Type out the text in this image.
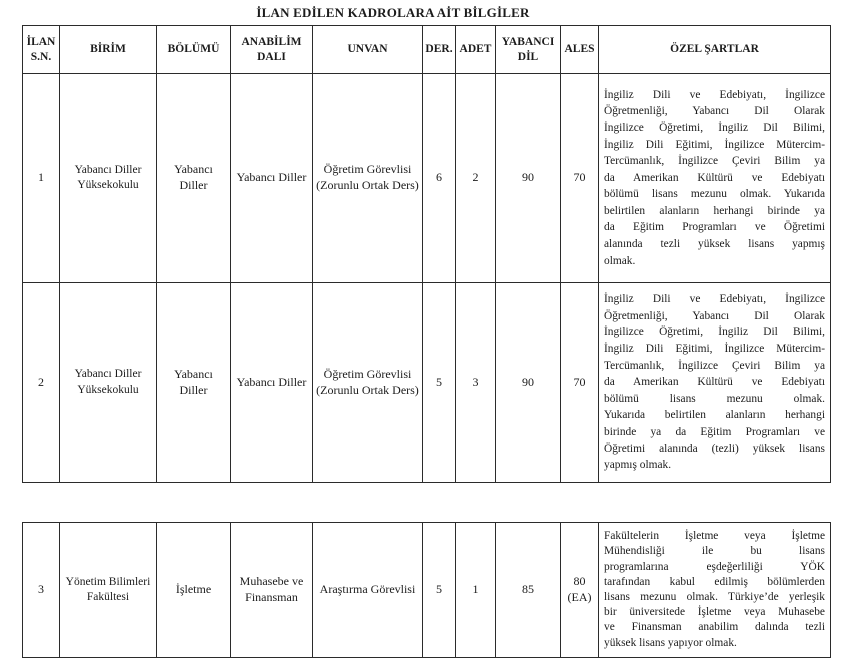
İLAN EDİLEN KADROLARA AİT BİLGİLER
İLAN S.N.	BİRİM	BÖLÜMÜ	ANABİLİM DALI	UNVAN	DER.	ADET	YABANCI DİL	ALES	ÖZEL ŞARTLAR
1	Yabancı Diller Yüksekokulu	Yabancı Diller	Yabancı Diller	Öğretim Görevlisi (Zorunlu Ortak Ders)	6	2	90	70	
İngiliz Dili ve Edebiyatı, İngilizce
Öğretmenliği, Yabancı Dil Olarak
İngilizce Öğretimi, İngiliz Dil Bilimi,
İngiliz Dili Eğitimi, İngilizce Mütercim-
Tercümanlık, İngilizce Çeviri Bilim ya
da Amerikan Kültürü ve Edebiyatı
bölümü lisans mezunu olmak. Yukarıda
belirtilen alanların herhangi birinde ya
da Eğitim Programları ve Öğretimi
alanında tezli yüksek lisans yapmış
olmak.

2	Yabancı Diller Yüksekokulu	Yabancı Diller	Yabancı Diller	Öğretim Görevlisi (Zorunlu Ortak Ders)	5	3	90	70	
İngiliz Dili ve Edebiyatı, İngilizce
Öğretmenliği, Yabancı Dil Olarak
İngilizce Öğretimi, İngiliz Dil Bilimi,
İngiliz Dili Eğitimi, İngilizce Mütercim-
Tercümanlık, İngilizce Çeviri Bilim ya
da Amerikan Kültürü ve Edebiyatı
bölümü lisans mezunu olmak.
Yukarıda belirtilen alanların herhangi
birinde ya da Eğitim Programları ve
Öğretimi alanında (tezli) yüksek lisans
yapmış olmak.
3	Yönetim Bilimleri Fakültesi	İşletme	Muhasebe ve Finansman	Araştırma Görevlisi	5	1	85	80 (EA)	
Fakültelerin İşletme veya İşletme
Mühendisliği ile bu lisans
programlarına eşdeğerliliği YÖK
tarafından kabul edilmiş bölümlerden
lisans mezunu olmak. Türkiye’de yerleşik
bir üniversitede İşletme veya Muhasebe
ve Finansman anabilim dalında tezli
yüksek lisans yapıyor olmak.
